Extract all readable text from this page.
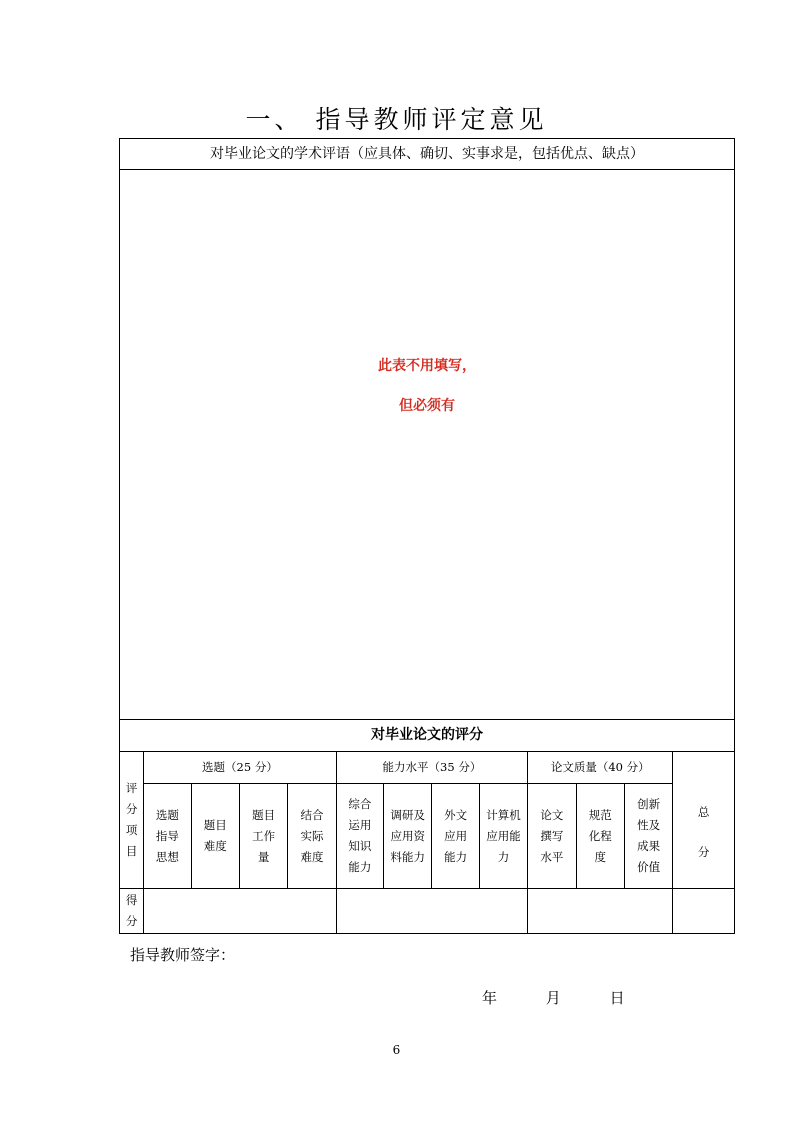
一、 指导教师评定意见
对毕业论文的学术评语（应具体、确切、实事求是，包括优点、缺点）												

此表不用填写，
但必须有												

对毕业论文的评分												
评分项目	选题（25 分）				能力水平（35 分）				论文质量（40 分）			总分
	选题指导思想	题目难度	题目工作量	结合实际难度	综合运用知识能力	调研及应用资料能力	外文应用能力	计算机应用能力	论文撰写水平	规范化程度	创新性及成果价值	
得分												
指导教师签字：
年	月	日
6
